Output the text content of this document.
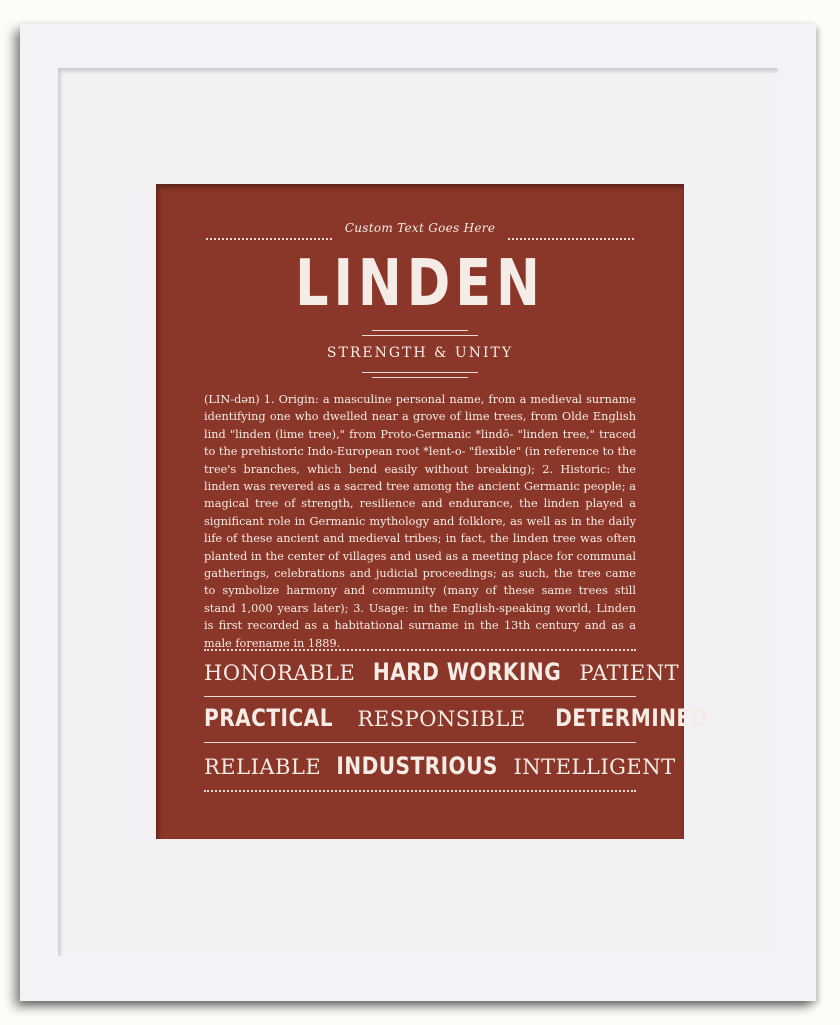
Custom Text Goes Here
LINDEN
STRENGTH & UNITY
(LIN-dən) 1. Origin: a masculine personal name, from a medieval surname identifying one who dwelled near a grove of lime trees, from Olde English lind "linden (lime tree)," from Proto-Germanic *lindō- "linden tree," traced to the prehistoric Indo-European root *lent-o- "flexible" (in reference to the tree's branches, which bend easily without breaking); 2. Historic: the linden was revered as a sacred tree among the ancient Germanic people; a magical tree of strength, resilience and endurance, the linden played a significant role in Germanic mythology and folklore, as well as in the daily life of these ancient and medieval tribes; in fact, the linden tree was often planted in the center of villages and used as a meeting place for communal gatherings, celebrations and judicial proceedings; as such, the tree came to symbolize harmony and community (many of these same trees still stand 1,000 years later); 3. Usage: in the English-speaking world, Linden is first recorded as a habitational surname in the 13th century and as a male forename in 1889.
HONORABLE HARD WORKING PATIENT
PRACTICAL RESPONSIBLE DETERMINED
RELIABLE INDUSTRIOUS INTELLIGENT
